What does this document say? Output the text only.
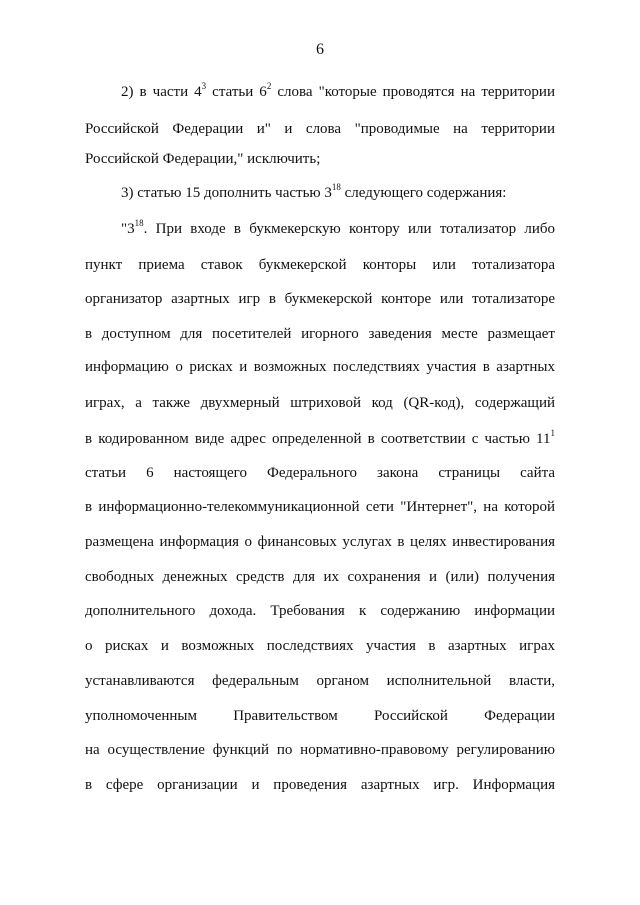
6
2) в части $4^3$ статьи $6^2$ слова "которые проводятся на территории
Российской Федерации и" и слова "проводимые на территории
Российской Федерации," исключить;
3) статью 15 дополнить частью $3^{18}$ следующего содержания:
"$3^{18}$. При входе в букмекерскую контору или тотализатор либо
пункт приема ставок букмекерской конторы или тотализатора
организатор азартных игр в букмекерской конторе или тотализаторе
в доступном для посетителей игорного заведения месте размещает
информацию о рисках и возможных последствиях участия в азартных
играх, а также двухмерный штриховой код (QR-код), содержащий
в кодированном виде адрес определенной в соответствии с частью $11^1$
статьи 6 настоящего Федерального закона страницы сайта
в информационно-телекоммуникационной сети "Интернет", на которой
размещена информация о финансовых услугах в целях инвестирования
свободных денежных средств для их сохранения и (или) получения
дополнительного дохода. Требования к содержанию информации
о рисках и возможных последствиях участия в азартных играх
устанавливаются федеральным органом исполнительной власти,
уполномоченным Правительством Российской Федерации
на осуществление функций по нормативно-правовому регулированию
в сфере организации и проведения азартных игр. Информация
